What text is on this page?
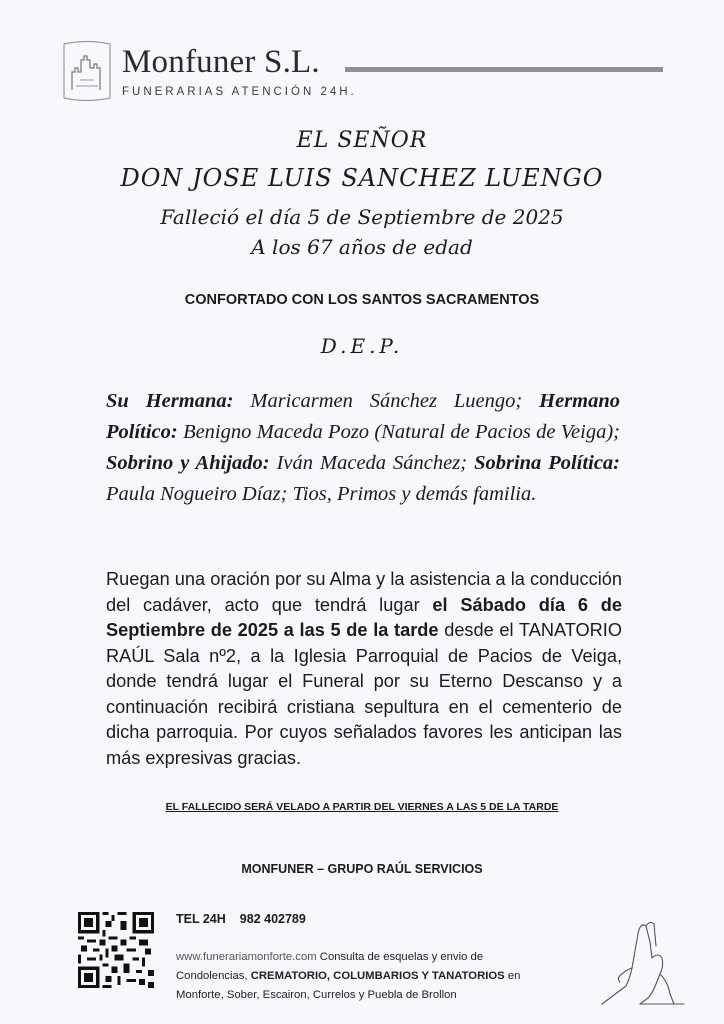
Monfuner S.L.
FUNERARIAS ATENCIÓN 24H.
EL SEÑOR
DON JOSE LUIS SANCHEZ LUENGO
Falleció el día 5 de Septiembre de 2025
A los 67 años de edad
CONFORTADO CON LOS SANTOS SACRAMENTOS
D.E.P.
Su Hermana: Maricarmen Sánchez Luengo; Hermano Político: Benigno Maceda Pozo (Natural de Pacios de Veiga); Sobrino y Ahijado: Iván Maceda Sánchez; Sobrina Política: Paula Nogueiro Díaz; Tios, Primos y demás familia.
Ruegan una oración por su Alma y la asistencia a la conducción del cadáver, acto que tendrá lugar el Sábado día 6 de Septiembre de 2025 a las 5 de la tarde desde el TANATORIO RAÚL Sala nº2, a la Iglesia Parroquial de Pacios de Veiga, donde tendrá lugar el Funeral por su Eterno Descanso y a continuación recibirá cristiana sepultura en el cementerio de dicha parroquia. Por cuyos señalados favores les anticipan las más expresivas gracias.
EL FALLECIDO SERÁ VELADO A PARTIR DEL VIERNES A LAS 5 DE LA TARDE
MONFUNER – GRUPO RAÚL SERVICIOS
TEL 24H 982 402789
www.funerariamonforte.com Consulta de esquelas y envio de
Condolencias, CREMATORIO, COLUMBARIOS Y TANATORIOS en
Monforte, Sober, Escairon, Currelos y Puebla de Brollon
